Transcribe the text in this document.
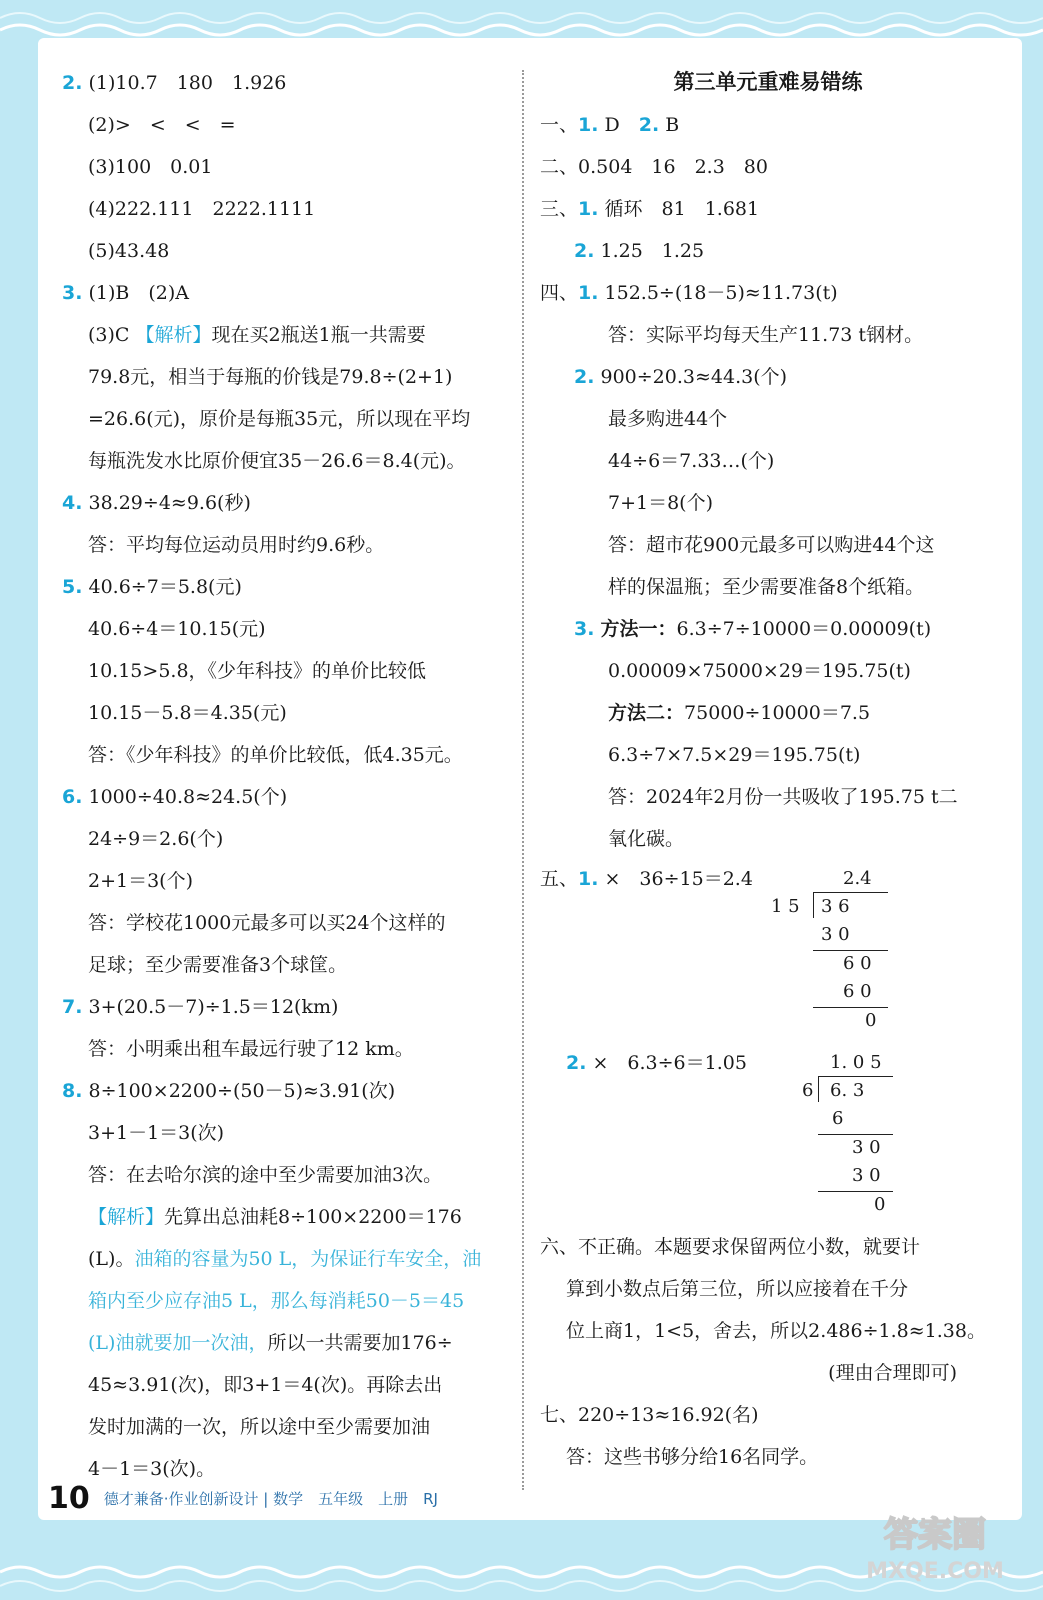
2. (1)10.7　180　1.926
(2)>　<　<　=
(3)100　0.01
(4)222.111　2222.1111
(5)43.48
3. (1)B　(2)A
(3)C 【解析】现在买2瓶送1瓶一共需要
79.8元，相当于每瓶的价钱是79.8÷(2+1)
=26.6(元)，原价是每瓶35元，所以现在平均
每瓶洗发水比原价便宜35－26.6＝8.4(元)。
4. 38.29÷4≈9.6(秒)
答：平均每位运动员用时约9.6秒。
5. 40.6÷7＝5.8(元)
40.6÷4＝10.15(元)
10.15>5.8，《少年科技》的单价比较低
10.15－5.8＝4.35(元)
答：《少年科技》的单价比较低，低4.35元。
6. 1000÷40.8≈24.5(个)
24÷9＝2.6(个)
2+1＝3(个)
答：学校花1000元最多可以买24个这样的
足球；至少需要准备3个球筐。
7. 3+(20.5－7)÷1.5＝12(km)
答：小明乘出租车最远行驶了12 km。
8. 8÷100×2200÷(50－5)≈3.91(次)
3+1－1＝3(次)
答：在去哈尔滨的途中至少需要加油3次。
【解析】先算出总油耗8÷100×2200＝176
(L)。油箱的容量为50 L，为保证行车安全，油
箱内至少应存油5 L，那么每消耗50－5＝45
(L)油就要加一次油，所以一共需要加176÷
45≈3.91(次)，即3+1＝4(次)。再除去出
发时加满的一次，所以途中至少需要加油
4－1＝3(次)。
第三单元重难易错练
一、1. D　2. B
二、0.504　16　2.3　80
三、1. 循环　81　1.681
2. 1.25　1.25
四、1. 152.5÷(18－5)≈11.73(t)
答：实际平均每天生产11.73 t钢材。
2. 900÷20.3≈44.3(个)
最多购进44个
44÷6＝7.33…(个)
7+1＝8(个)
答：超市花900元最多可以购进44个这
样的保温瓶；至少需要准备8个纸箱。
3. 方法一：6.3÷7÷10000＝0.00009(t)
0.00009×75000×29＝195.75(t)
方法二：75000÷10000＝7.5
6.3÷7×7.5×29＝195.75(t)
答：2024年2月份一共吸收了195.75 t二
氧化碳。
五、1. ×　36÷15＝2.4	2.4
1 5 3 6
3 0
6 0
6 0
0
2. ×　6.3÷6＝1.05	1. 0 5
6 6. 3
6
3 0
3 0
0
六、不正确。本题要求保留两位小数，就要计
算到小数点后第三位，所以应接着在千分
位上商1，1<5，舍去，所以2.486÷1.8≈1.38。
(理由合理即可)
七、220÷13≈16.92(名)
答：这些书够分给16名同学。
10 德才兼备·作业创新设计 | 数学　五年级　上册　RJ
答案圈
MXQE.COM
